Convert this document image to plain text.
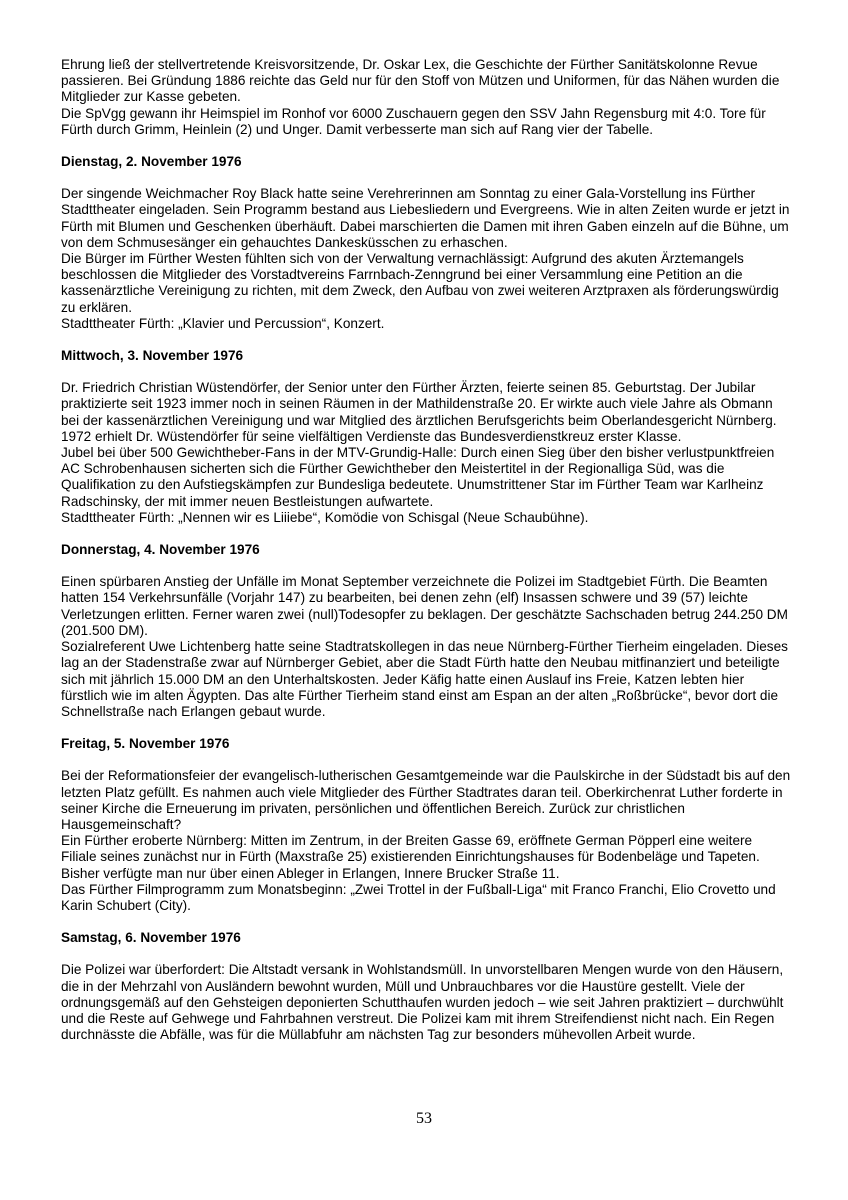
Ehrung ließ der stellvertretende Kreisvorsitzende, Dr. Oskar Lex, die Geschichte der Fürther Sanitätskolonne Revue passieren. Bei Gründung 1886 reichte das Geld nur für den Stoff von Mützen und Uniformen, für das Nähen wurden die Mitglieder zur Kasse gebeten.

Die SpVgg gewann ihr Heimspiel im Ronhof vor 6000 Zuschauern gegen den SSV Jahn Regensburg mit 4:0. Tore für Fürth durch Grimm, Heinlein (2) und Unger. Damit verbesserte man sich auf Rang vier der Tabelle.

Dienstag, 2. November 1976

Der singende Weichmacher Roy Black hatte seine Verehrerinnen am Sonntag zu einer Gala-Vorstellung ins Fürther Stadttheater eingeladen. Sein Programm bestand aus Liebesliedern und Evergreens. Wie in alten Zeiten wurde er jetzt in Fürth mit Blumen und Geschenken überhäuft. Dabei marschierten die Damen mit ihren Gaben einzeln auf die Bühne, um von dem Schmusesänger ein gehauchtes Dankesküsschen zu erhaschen.

Die Bürger im Fürther Westen fühlten sich von der Verwaltung vernachlässigt: Aufgrund des akuten Ärztemangels beschlossen die Mitglieder des Vorstadtvereins Farrnbach-Zenngrund bei einer Versammlung eine Petition an die kassenärztliche Vereinigung zu richten, mit dem Zweck, den Aufbau von zwei weiteren Arztpraxen als förderungswürdig zu erklären.

Stadttheater Fürth: „Klavier und Percussion“, Konzert.

Mittwoch, 3. November 1976

Dr. Friedrich Christian Wüstendörfer, der Senior unter den Fürther Ärzten, feierte seinen 85. Geburtstag. Der Jubilar praktizierte seit 1923 immer noch in seinen Räumen in der Mathildenstraße 20. Er wirkte auch viele Jahre als Obmann bei der kassenärztlichen Vereinigung und war Mitglied des ärztlichen Berufsgerichts beim Oberlandesgericht Nürnberg. 1972 erhielt Dr. Wüstendörfer für seine vielfältigen Verdienste das Bundesverdienstkreuz erster Klasse.

Jubel bei über 500 Gewichtheber-Fans in der MTV-Grundig-Halle: Durch einen Sieg über den bisher verlustpunktfreien AC Schrobenhausen sicherten sich die Fürther Gewichtheber den Meistertitel in der Regionalliga Süd, was die Qualifikation zu den Aufstiegskämpfen zur Bundesliga bedeutete. Unumstrittener Star im Fürther Team war Karlheinz Radschinsky, der mit immer neuen Bestleistungen aufwartete.

Stadttheater Fürth: „Nennen wir es Liiiebe“, Komödie von Schisgal (Neue Schaubühne).

Donnerstag, 4. November 1976

Einen spürbaren Anstieg der Unfälle im Monat September verzeichnete die Polizei im Stadtgebiet Fürth. Die Beamten hatten 154 Verkehrsunfälle (Vorjahr 147) zu bearbeiten, bei denen zehn (elf) Insassen schwere und 39 (57) leichte Verletzungen erlitten. Ferner waren zwei (null)Todesopfer zu beklagen. Der geschätzte Sachschaden betrug 244.250 DM (201.500 DM).

Sozialreferent Uwe Lichtenberg hatte seine Stadtratskollegen in das neue Nürnberg-Fürther Tierheim eingeladen. Dieses lag an der Stadenstraße zwar auf Nürnberger Gebiet, aber die Stadt Fürth hatte den Neubau mitfinanziert und beteiligte sich mit jährlich 15.000 DM an den Unterhaltskosten. Jeder Käfig hatte einen Auslauf ins Freie, Katzen lebten hier fürstlich wie im alten Ägypten. Das alte Fürther Tierheim stand einst am Espan an der alten „Roßbrücke“, bevor dort die Schnellstraße nach Erlangen gebaut wurde.

Freitag, 5. November 1976

Bei der Reformationsfeier der evangelisch-lutherischen Gesamtgemeinde war die Paulskirche in der Südstadt bis auf den letzten Platz gefüllt. Es nahmen auch viele Mitglieder des Fürther Stadtrates daran teil. Oberkirchenrat Luther forderte in seiner Kirche die Erneuerung im privaten, persönlichen und öffentlichen Bereich. Zurück zur christlichen Hausgemeinschaft?

Ein Fürther eroberte Nürnberg: Mitten im Zentrum, in der Breiten Gasse 69, eröffnete German Pöpperl eine weitere Filiale seines zunächst nur in Fürth (Maxstraße 25) existierenden Einrichtungshauses für Bodenbeläge und Tapeten. Bisher verfügte man nur über einen Ableger in Erlangen, Innere Brucker Straße 11.

Das Fürther Filmprogramm zum Monatsbeginn: „Zwei Trottel in der Fußball-Liga“ mit Franco Franchi, Elio Crovetto und Karin Schubert (City).

Samstag, 6. November 1976

Die Polizei war überfordert: Die Altstadt versank in Wohlstandsmüll. In unvorstellbaren Mengen wurde von den Häusern, die in der Mehrzahl von Ausländern bewohnt wurden, Müll und Unbrauchbares vor die Haustüre gestellt. Viele der ordnungsgemäß auf den Gehsteigen deponierten Schutthaufen wurden jedoch – wie seit Jahren praktiziert – durchwühlt und die Reste auf Gehwege und Fahrbahnen verstreut. Die Polizei kam mit ihrem Streifendienst nicht nach. Ein Regen durchnässte die Abfälle, was für die Müllabfuhr am nächsten Tag zur besonders mühevollen Arbeit wurde.

53
